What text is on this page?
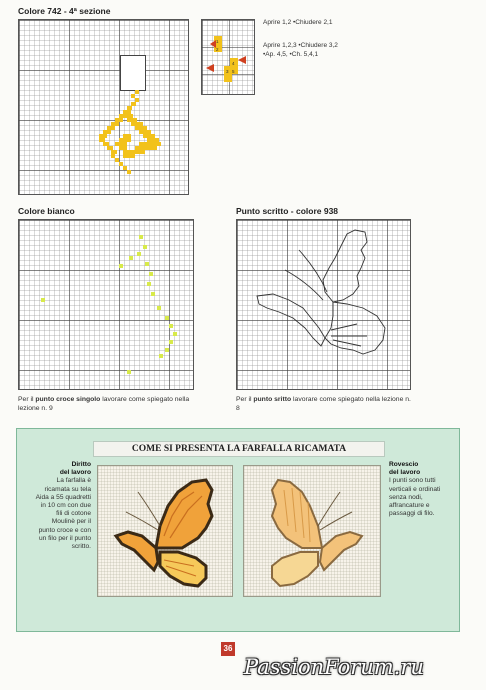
Colore 742 - 4ª sezione
1
2
3
4
5
Aprire 1,2 •Chiudere 2,1
Aprire 1,2,3 •Chiudere 3,2
•Ap. 4,5, •Ch. 5,4,1
Colore bianco
Per il punto croce singolo lavorare come spiegato nella lezione n. 9
Punto scritto - colore 938
Per il punto sritto lavorare come spiegato nella lezione n. 8
COME SI PRESENTA LA FARFALLA RICAMATA
Diritto
del lavoro
La farfalla è ricamata su tela Aida a 55 quadretti in 10 cm con due fili di cotone Moulinè per il punto croce e con un filo per il punto scritto.
Rovescio
del lavoro
I punti sono tutti verticali e ordinati senza nodi, affrancature e passaggi di filo.
36
PassionForum.ru
